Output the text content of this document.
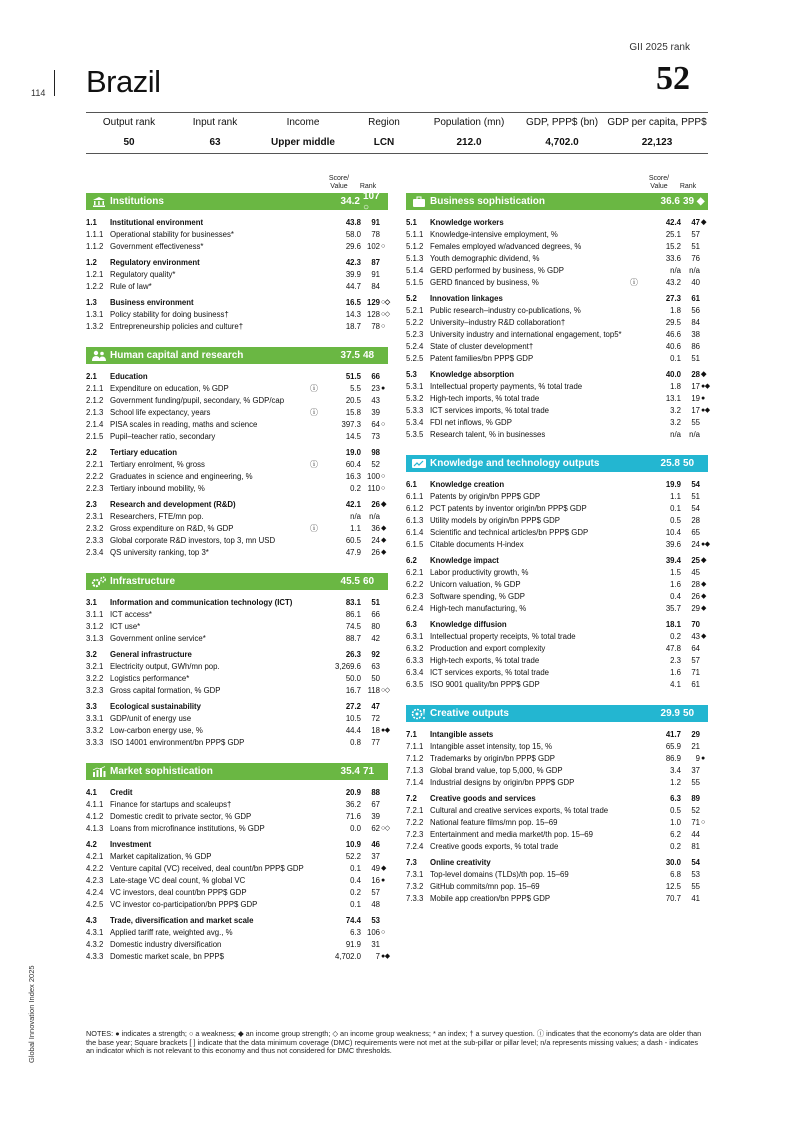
114 Brazil
GII 2025 rank
52
Output rank
50
Input rank
63
Income
Upper middle
Region
LCN
Population (mn)
212.0
GDP, PPP$ (bn)
4,702.0
GDP per capita, PPP$
22,123
Score/ Value	Rank
Score/ Value	Rank
Institutions	34.2 107 ○
1.1	Institutional environment	43.8	91
1.1.1 Operational stability for businesses*	58.0	78
1.1.2 Government effectiveness*	29.6 102 ○
1.2	Regulatory environment	42.3	87
1.2.1 Regulatory quality*	39.9	91
1.2.2 Rule of law*	44.7	84
1.3	Business environment	16.5 129 ○◇
1.3.1 Policy stability for doing business†	14.3 128 ○◇
1.3.2 Entrepreneurship policies and culture†	18.7	78 ○
Human capital and research	37.5 48
2.1	Education	51.5	66
2.1.1 Expenditure on education, % GDP	ⓘ	5.5	23 ●
2.1.2 Government funding/pupil, secondary, % GDP/cap	20.5	43
2.1.3 School life expectancy, years	ⓘ	15.8	39
2.1.4 PISA scales in reading, maths and science	397.3	64 ○
2.1.5 Pupil–teacher ratio, secondary	14.5	73
2.2	Tertiary education	19.0	98
2.2.1 Tertiary enrolment, % gross	ⓘ	60.4	52
2.2.2 Graduates in science and engineering, %	16.3 100 ○
2.2.3 Tertiary inbound mobility, %	0.2 110 ○
2.3	Research and development (R&D)	42.1	26 ◆
2.3.1 Researchers, FTE/mn pop.	n/a	n/a
2.3.2 Gross expenditure on R&D, % GDP	ⓘ	1.1	36 ◆
2.3.3 Global corporate R&D investors, top 3, mn USD	60.5	24 ◆
2.3.4 QS university ranking, top 3*	47.9	26 ◆
Infrastructure	45.5 60
3.1	Information and communication technology (ICT)	83.1	51
3.1.1 ICT access*	86.1	66
3.1.2 ICT use*	74.5	80
3.1.3 Government online service*	88.7	42
3.2	General infrastructure	26.3	92
3.2.1 Electricity output, GWh/mn pop.	3,269.6	63
3.2.2 Logistics performance*	50.0	50
3.2.3 Gross capital formation, % GDP	16.7 118 ○◇
3.3	Ecological sustainability	27.2	47
3.3.1 GDP/unit of energy use	10.5	72
3.3.2 Low-carbon energy use, %	44.4	18 ●◆
3.3.3 ISO 14001 environment/bn PPP$ GDP	0.8	77
Market sophistication	35.4 71
4.1	Credit	20.9	88
4.1.1 Finance for startups and scaleups†	36.2	67
4.1.2 Domestic credit to private sector, % GDP	71.6	39
4.1.3 Loans from microfinance institutions, % GDP	0.0	62 ○◇
4.2	Investment	10.9	46
4.2.1 Market capitalization, % GDP	52.2	37
4.2.2 Venture capital (VC) received, deal count/bn PPP$ GDP	0.1	49 ◆
4.2.3 Late-stage VC deal count, % global VC	0.4	16 ●
4.2.4 VC investors, deal count/bn PPP$ GDP	0.2	57
4.2.5 VC investor co-participation/bn PPP$ GDP	0.1	48
4.3	Trade, diversification and market scale	74.4	53
4.3.1 Applied tariff rate, weighted avg., %	6.3 106 ○
4.3.2 Domestic industry diversification	91.9	31
4.3.3 Domestic market scale, bn PPP$	4,702.0	7 ●◆
Business sophistication	36.6 39 ◆
5.1	Knowledge workers	42.4	47 ◆
5.1.1 Knowledge-intensive employment, %	25.1	57
5.1.2 Females employed w/advanced degrees, %	15.2	51
5.1.3 Youth demographic dividend, %	33.6	76
5.1.4 GERD performed by business, % GDP	n/a	n/a
5.1.5 GERD financed by business, %	ⓘ	43.2	40
5.2	Innovation linkages	27.3	61
5.2.1 Public research–industry co-publications, %	1.8	56
5.2.2 University–industry R&D collaboration†	29.5	84
5.2.3 University industry and international engagement, top5*	46.6	38
5.2.4 State of cluster development†	40.6	86
5.2.5 Patent families/bn PPP$ GDP	0.1	51
5.3	Knowledge absorption	40.0	28 ◆
5.3.1 Intellectual property payments, % total trade	1.8	17 ●◆
5.3.2 High-tech imports, % total trade	13.1	19 ●
5.3.3 ICT services imports, % total trade	3.2	17 ●◆
5.3.4 FDI net inflows, % GDP	3.2	55
5.3.5 Research talent, % in businesses	n/a	n/a
Knowledge and technology outputs	25.8 50
6.1	Knowledge creation	19.9	54
6.1.1 Patents by origin/bn PPP$ GDP	1.1	51
6.1.2 PCT patents by inventor origin/bn PPP$ GDP	0.1	54
6.1.3 Utility models by origin/bn PPP$ GDP	0.5	28
6.1.4 Scientific and technical articles/bn PPP$ GDP	10.4	65
6.1.5 Citable documents H-index	39.6	24 ●◆
6.2	Knowledge impact	39.4	25 ◆
6.2.1 Labor productivity growth, %	1.5	45
6.2.2 Unicorn valuation, % GDP	1.6	28 ◆
6.2.3 Software spending, % GDP	0.4	26 ◆
6.2.4 High-tech manufacturing, %	35.7	29 ◆
6.3	Knowledge diffusion	18.1	70
6.3.1 Intellectual property receipts, % total trade	0.2	43 ◆
6.3.2 Production and export complexity	47.8	64
6.3.3 High-tech exports, % total trade	2.3	57
6.3.4 ICT services exports, % total trade	1.6	71
6.3.5 ISO 9001 quality/bn PPP$ GDP	4.1	61
Creative outputs	29.9 50
7.1	Intangible assets	41.7	29
7.1.1 Intangible asset intensity, top 15, %	65.9	21
7.1.2 Trademarks by origin/bn PPP$ GDP	86.9	9 ●
7.1.3 Global brand value, top 5,000, % GDP	3.4	37
7.1.4 Industrial designs by origin/bn PPP$ GDP	1.2	55
7.2	Creative goods and services	6.3	89
7.2.1 Cultural and creative services exports, % total trade	0.5	52
7.2.2 National feature films/mn pop. 15–69	1.0	71 ○
7.2.3 Entertainment and media market/th pop. 15–69	6.2	44
7.2.4 Creative goods exports, % total trade	0.2	81
7.3	Online creativity	30.0	54
7.3.1 Top-level domains (TLDs)/th pop. 15–69	6.8	53
7.3.2 GitHub commits/mn pop. 15–69	12.5	55
7.3.3 Mobile app creation/bn PPP$ GDP	70.7	41
NOTES: ● indicates a strength; ○ a weakness; ◆ an income group strength; ◇ an income group weakness; * an index; † a survey question. ⓘ indicates that the economy's data are older than the base year; Square brackets [ ] indicate that the data minimum coverage (DMC) requirements were not met at the sub-pillar or pillar level; n/a represents missing values; a dash - indicates an indicator which is not relevant to this economy and thus not considered for DMC thresholds.
Global Innovation Index 2025
